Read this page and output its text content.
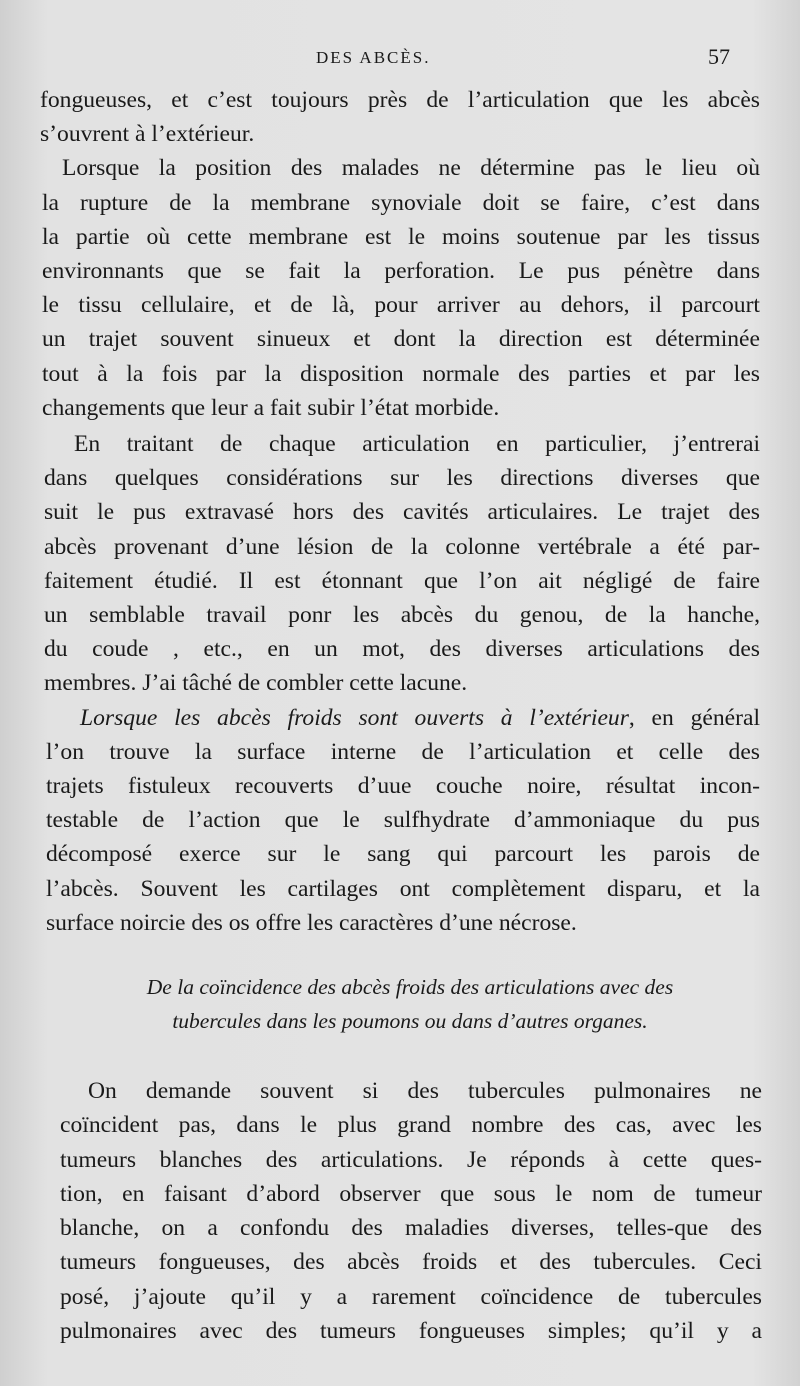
DES ABCÈS.	57

fongueuses, et c’est toujours près de l’articulation que les abcès
s’ouvrent à l’extérieur.

Lorsque la position des malades ne détermine pas le lieu où
la rupture de la membrane synoviale doit se faire, c’est dans
la partie où cette membrane est le moins soutenue par les tissus
environnants que se fait la perforation. Le pus pénètre dans
le tissu cellulaire, et de là, pour arriver au dehors, il parcourt
un trajet souvent sinueux et dont la direction est déterminée
tout à la fois par la disposition normale des parties et par les
changements que leur a fait subir l’état morbide.

En traitant de chaque articulation en particulier, j’entrerai
dans quelques considérations sur les directions diverses que
suit le pus extravasé hors des cavités articulaires. Le trajet des
abcès provenant d’une lésion de la colonne vertébrale a été par-
faitement étudié. Il est étonnant que l’on ait négligé de faire
un semblable travail ponr les abcès du genou, de la hanche,
du coude , etc., en un mot, des diverses articulations des
membres. J’ai tâché de combler cette lacune.

Lorsque les abcès froids sont ouverts à l’extérieur, en général
l’on trouve la surface interne de l’articulation et celle des
trajets fistuleux recouverts d’uue couche noire, résultat incon-
testable de l’action que le sulfhydrate d’ammoniaque du pus
décomposé exerce sur le sang qui parcourt les parois de
l’abcès. Souvent les cartilages ont complètement disparu, et la
surface noircie des os offre les caractères d’une nécrose.

De la coïncidence des abcès froids des articulations avec des
tubercules dans les poumons ou dans d’autres organes.
On demande souvent si des tubercules pulmonaires ne
coïncident pas, dans le plus grand nombre des cas, avec les
tumeurs blanches des articulations. Je réponds à cette ques-
tion, en faisant d’abord observer que sous le nom de tumeur
blanche, on a confondu des maladies diverses, telles-que des
tumeurs fongueuses, des abcès froids et des tubercules. Ceci
posé, j’ajoute qu’il y a rarement coïncidence de tubercules
pulmonaires avec des tumeurs fongueuses simples; qu’il y a
